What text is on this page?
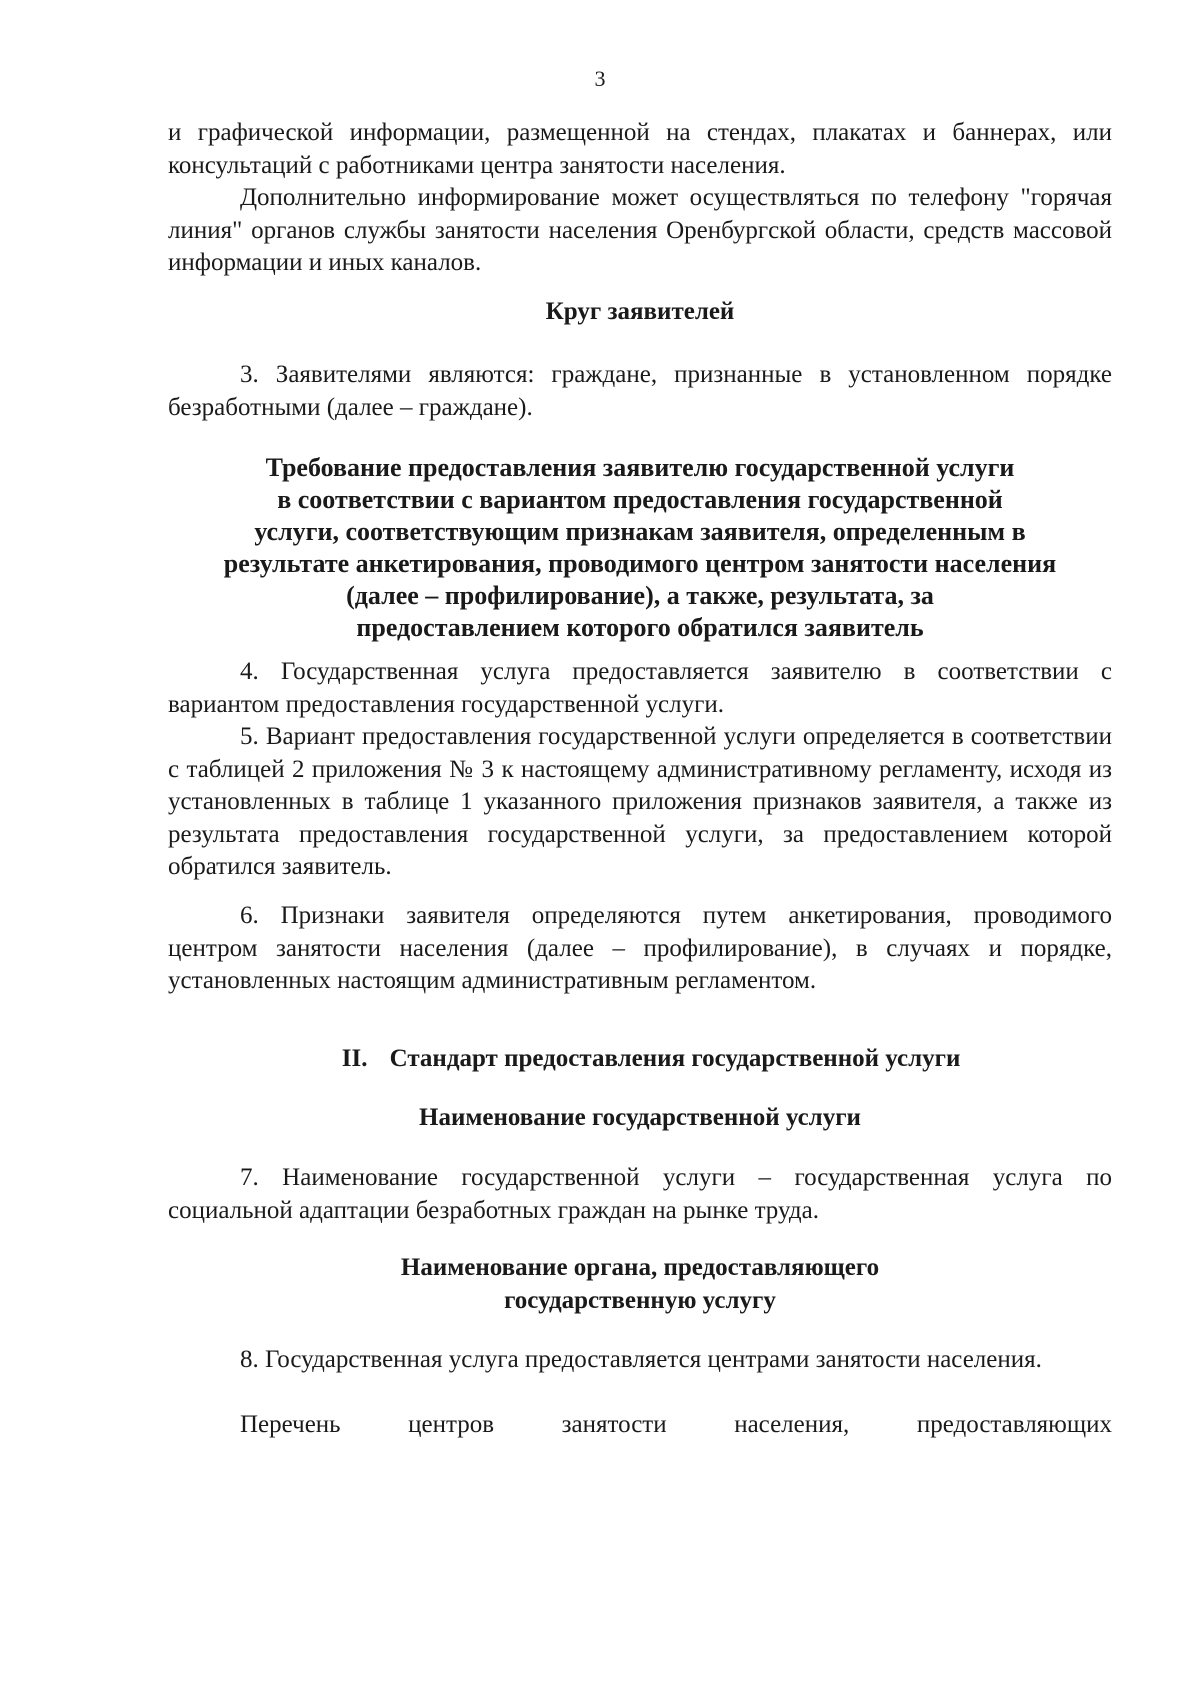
3
и графической информации, размещенной на стендах, плакатах и баннерах, или консультаций с работниками центра занятости населения.
Дополнительно информирование может осуществляться по телефону "горячая линия" органов службы занятости населения Оренбургской области, средств массовой информации и иных каналов.
Круг заявителей
3. Заявителями являются: граждане, признанные в установленном порядке безработными (далее – граждане).
Требование предоставления заявителю государственной услуги
в соответствии с вариантом предоставления государственной
услуги, соответствующим признакам заявителя, определенным в
результате анкетирования, проводимого центром занятости населения
(далее – профилирование), а также, результата, за
предоставлением которого обратился заявитель
4. Государственная услуга предоставляется заявителю в соответствии с вариантом предоставления государственной услуги.
5. Вариант предоставления государственной услуги определяется в соответствии с таблицей 2 приложения № 3 к настоящему административному регламенту, исходя из установленных в таблице 1 указанного приложения признаков заявителя, а также из результата предоставления государственной услуги, за предоставлением которой обратился заявитель.
6. Признаки заявителя определяются путем анкетирования, проводимого центром занятости населения (далее – профилирование), в случаях и порядке, установленных настоящим административным регламентом.
II. Стандарт предоставления государственной услуги
Наименование государственной услуги
7. Наименование государственной услуги – государственная услуга по социальной адаптации безработных граждан на рынке труда.
Наименование органа, предоставляющего
государственную услугу
8. Государственная услуга предоставляется центрами занятости населения.
Перечень центров занятости населения, предоставляющих
